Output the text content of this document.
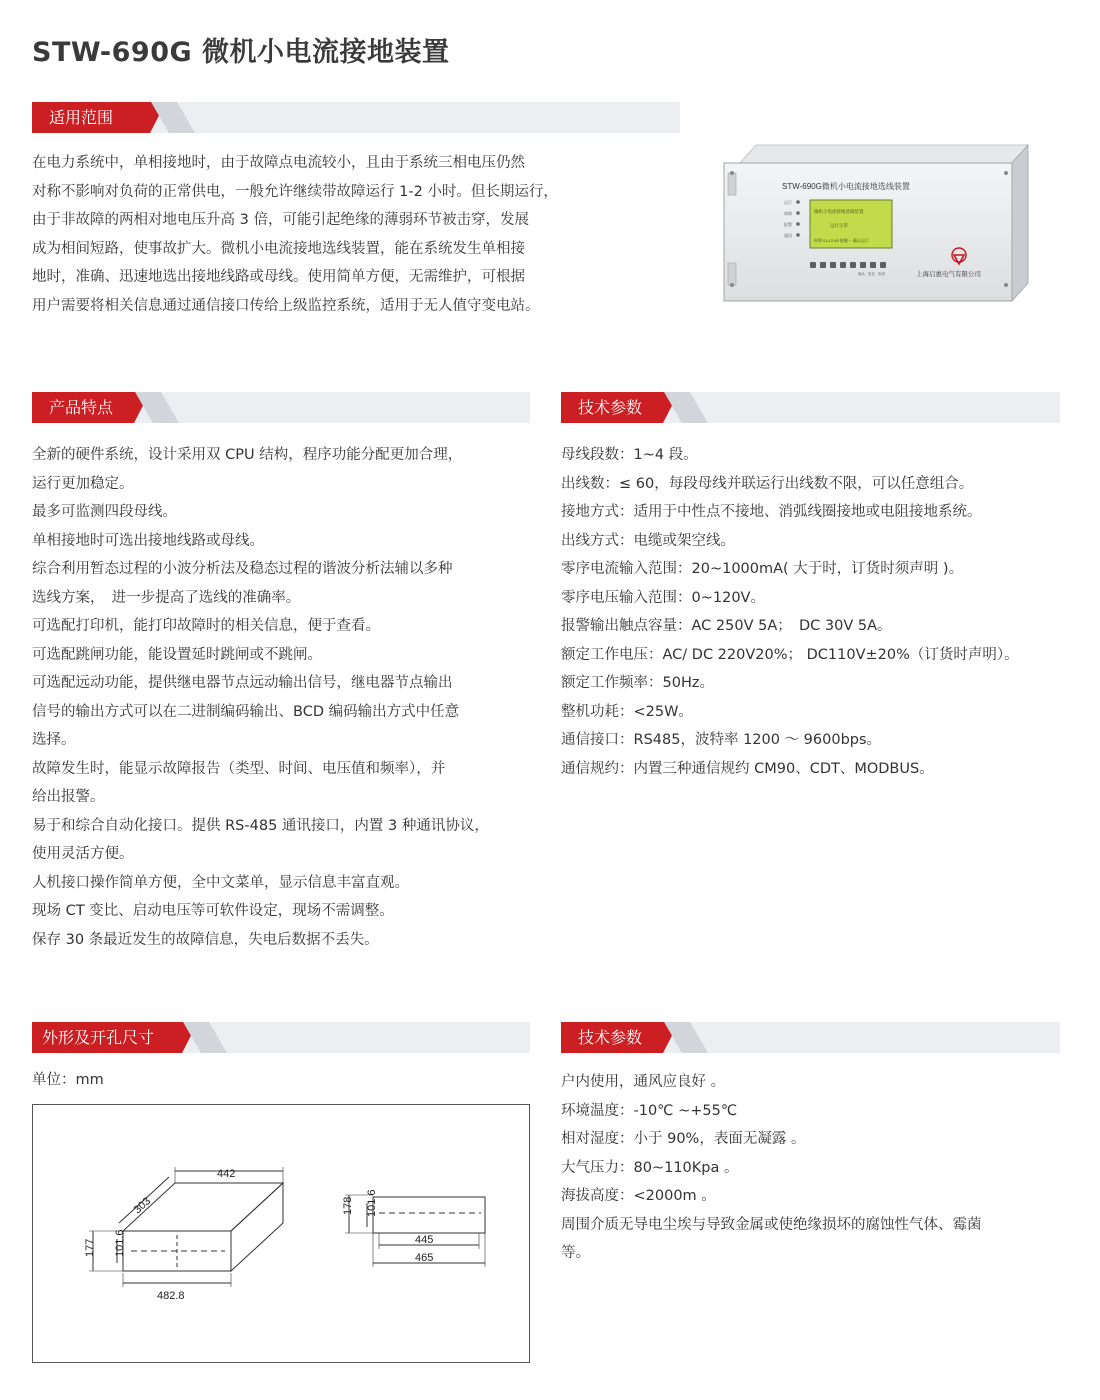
STW-690G 微机小电流接地装置
适用范围

在电力系统中，单相接地时，由于故障点电流较小，且由于系统三相电压仍然

对称不影响对负荷的正常供电，一般允许继续带故障运行 1-2 小时。但长期运行，

由于非故障的两相对地电压升高 3 倍，可能引起绝缘的薄弱环节被击穿，发展

成为相间短路，使事故扩大。微机小电流接地选线装置，能在系统发生单相接

地时，准确、迅速地选出接地线路或母线。使用简单方便，无需维护，可根据

用户需要将相关信息通过通信接口传给上级监控系统，适用于无人值守变电站。

STW-690G微机小电流接地选线装置
微机小电流接地选线装置
运行正常
时钟 01:12:45 按键一 确认运行
运行
故障
报警
通讯
确认 复位 取消	上海启惠电气有限公司
产品特点

全新的硬件系统，设计采用双 CPU 结构，程序功能分配更加合理，

运行更加稳定。

最多可监测四段母线。

单相接地时可选出接地线路或母线。

综合利用暂态过程的小波分析法及稳态过程的谐波分析法辅以多种

选线方案，　进一步提高了选线的准确率。

可选配打印机，能打印故障时的相关信息，便于查看。

可选配跳闸功能，能设置延时跳闸或不跳闸。

可选配远动功能，提供继电器节点远动输出信号，继电器节点输出

信号的输出方式可以在二进制编码输出、BCD 编码输出方式中任意

选择。

故障发生时，能显示故障报告（类型、时间、电压值和频率），并

给出报警。

易于和综合自动化接口。提供 RS-485 通讯接口，内置 3 种通讯协议，

使用灵活方便。

人机接口操作简单方便，全中文菜单，显示信息丰富直观。

现场 CT 变比、启动电压等可软件设定，现场不需调整。

保存 30 条最近发生的故障信息，失电后数据不丢失。

技术参数

母线段数：1~4 段。

出线数：≤ 60，每段母线并联运行出线数不限，可以任意组合。

接地方式：适用于中性点不接地、消弧线圈接地或电阻接地系统。

出线方式：电缆或架空线。

零序电流输入范围：20~1000mA( 大于时，订货时须声明 )。

零序电压输入范围：0~120V。

报警输出触点容量：AC 250V 5A；　DC 30V 5A。

额定工作电压：AC/ DC 220V20%； DC110V±20%（订货时声明）。

额定工作频率：50Hz。

整机功耗：<25W。

通信接口：RS485，波特率 1200 ～ 9600bps。

通信规约：内置三种通信规约 CM90、CDT、MODBUS。

外形及开孔尺寸
单位：mm
442
303
177 101.6
482.8
178 101.6
445
465
技术参数

户内使用，通风应良好 。

环境温度：-10℃ ~+55℃

相对湿度：小于 90%，表面无凝露 。

大气压力：80~110Kpa 。

海拔高度：<2000m 。

周围介质无导电尘埃与导致金属或使绝缘损坏的腐蚀性气体、霉菌

等。
